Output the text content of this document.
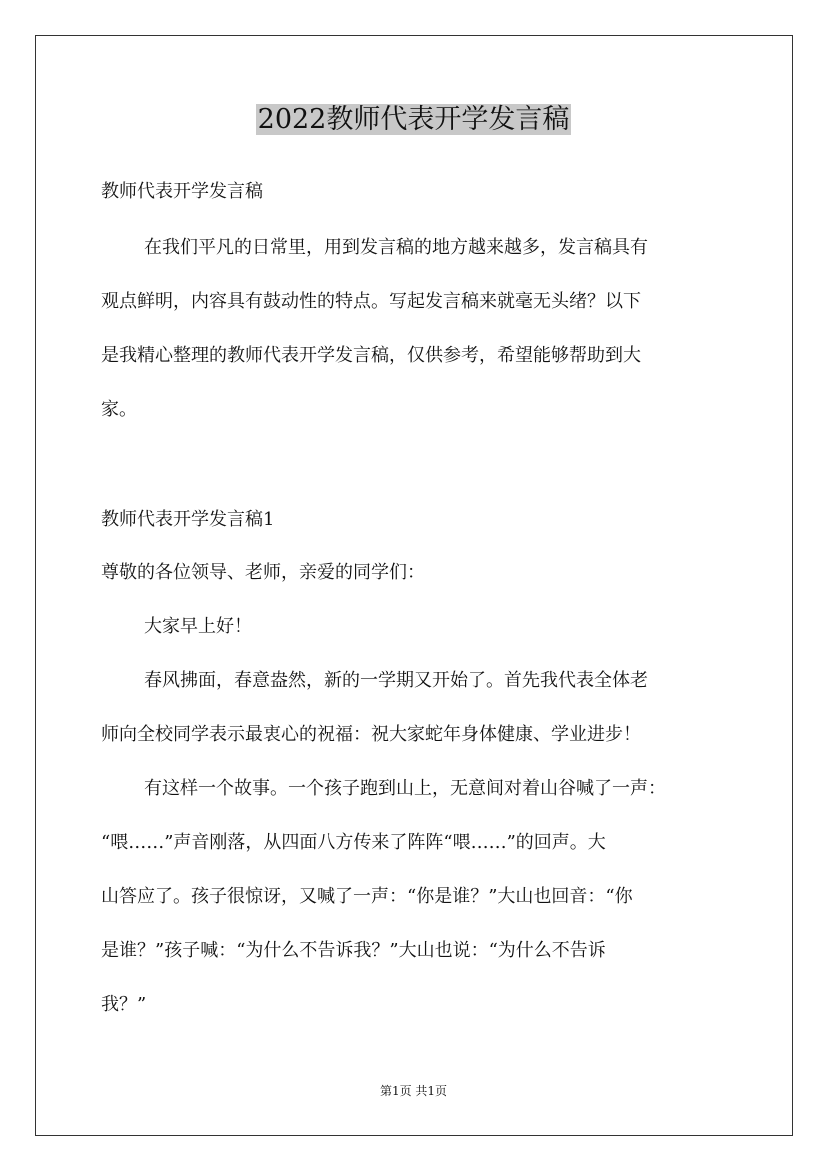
2022教师代表开学发言稿

教师代表开学发言稿

在我们平凡的日常里，用到发言稿的地方越来越多，发言稿具有

观点鲜明，内容具有鼓动性的特点。写起发言稿来就毫无头绪？以下

是我精心整理的教师代表开学发言稿，仅供参考，希望能够帮助到大

家。

教师代表开学发言稿1

尊敬的各位领导、老师，亲爱的同学们：

大家早上好！

春风拂面，春意盎然，新的一学期又开始了。首先我代表全体老

师向全校同学表示最衷心的祝福：祝大家蛇年身体健康、学业进步！

有这样一个故事。一个孩子跑到山上，无意间对着山谷喊了一声：

“喂……”声音刚落，从四面八方传来了阵阵“喂……”的回声。大

山答应了。孩子很惊讶，又喊了一声：“你是谁？”大山也回音：“你

是谁？”孩子喊：“为什么不告诉我？”大山也说：“为什么不告诉

我？”

第1页 共1页
